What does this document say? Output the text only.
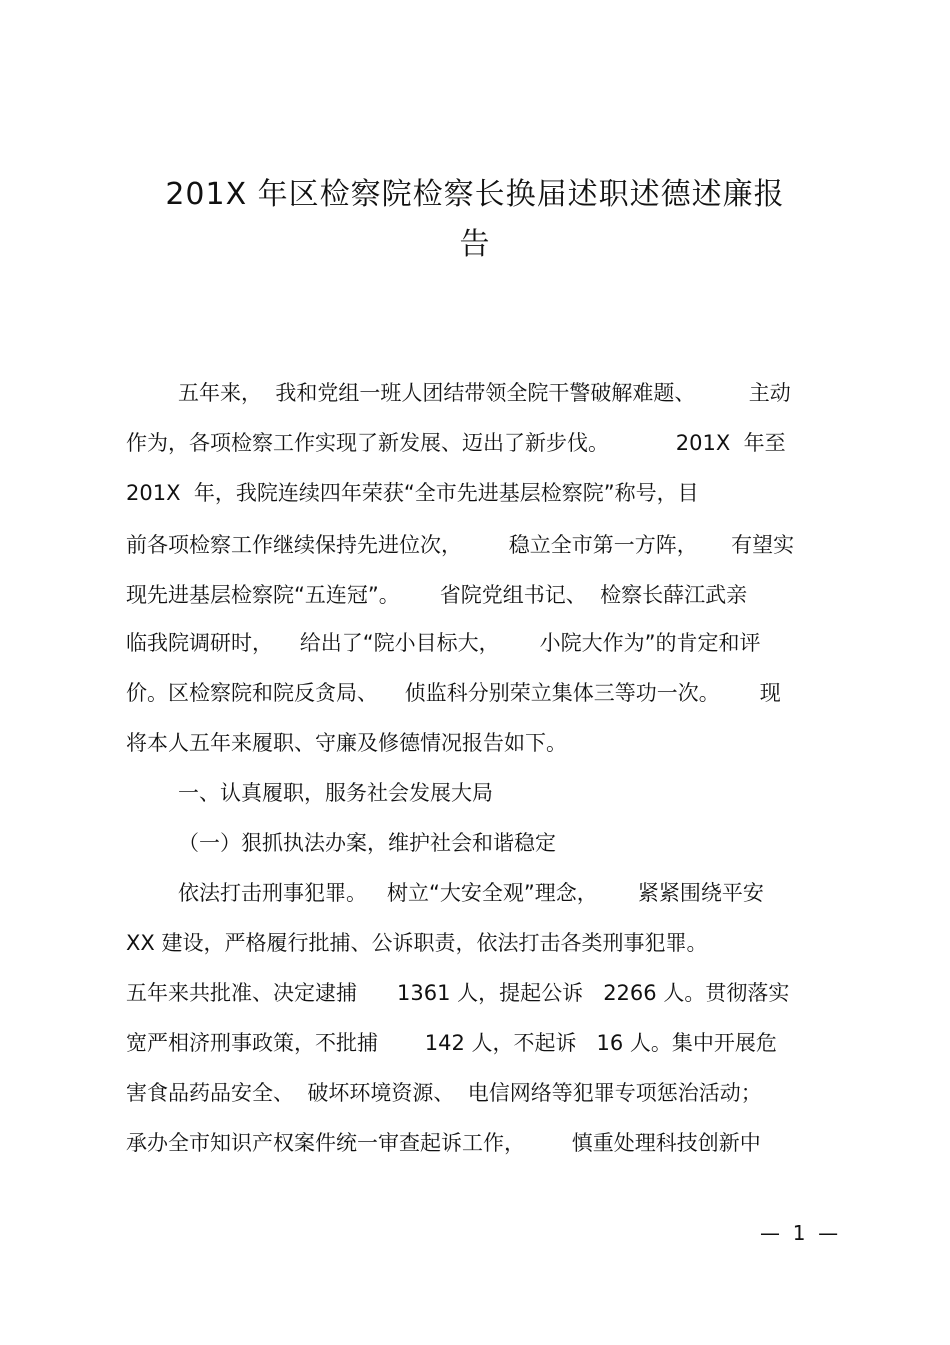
201X 年区检察院检察长换届述职述德述廉报
告
五年来，  我和党组一班人团结带领全院干警破解难题、        主动
作为，各项检察工作实现了新发展、迈出了新步伐。          201X  年至
201X  年，我院连续四年荣获“全市先进基层检察院”称号，目
前各项检察工作继续保持先进位次，       稳立全市第一方阵，     有望实
现先进基层检察院“五连冠”。      省院党组书记、  检察长薛江武亲
临我院调研时，    给出了“院小目标大，      小院大作为”的肯定和评
价。区检察院和院反贪局、    侦监科分别荣立集体三等功一次。      现
将本人五年来履职、守廉及修德情况报告如下。
一、认真履职，服务社会发展大局
（一）狠抓执法办案，维护社会和谐稳定
依法打击刑事犯罪。   树立“大安全观”理念，      紧紧围绕平安
XX 建设，严格履行批捕、公诉职责，依法打击各类刑事犯罪。
五年来共批准、决定逮捕      1361 人，提起公诉   2266 人。贯彻落实
宽严相济刑事政策，不批捕       142 人，不起诉   16 人。集中开展危
害食品药品安全、  破坏环境资源、  电信网络等犯罪专项惩治活动；
承办全市知识产权案件统一审查起诉工作，       慎重处理科技创新中
—  1  —
